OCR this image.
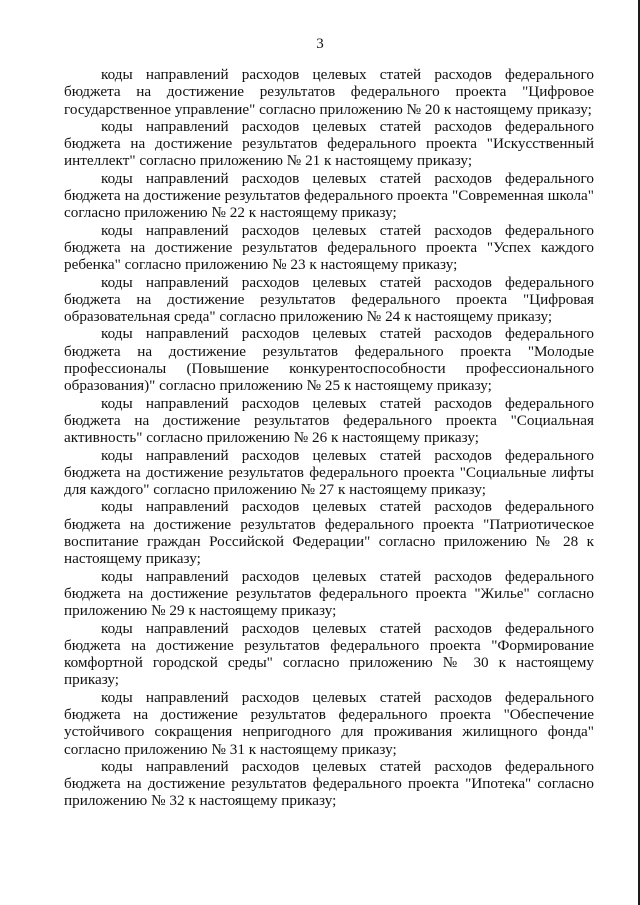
3

коды направлений расходов целевых статей расходов федерального бюджета на достижение результатов федерального проекта "Цифровое государственное управление" согласно приложению № 20 к настоящему приказу;

коды направлений расходов целевых статей расходов федерального бюджета на достижение результатов федерального проекта "Искусственный интеллект" согласно приложению № 21 к настоящему приказу;

коды направлений расходов целевых статей расходов федерального бюджета на достижение результатов федерального проекта "Современная школа" согласно приложению № 22 к настоящему приказу;

коды направлений расходов целевых статей расходов федерального бюджета на достижение результатов федерального проекта "Успех каждого ребенка" согласно приложению № 23 к настоящему приказу;

коды направлений расходов целевых статей расходов федерального бюджета на достижение результатов федерального проекта "Цифровая образовательная среда" согласно приложению № 24 к настоящему приказу;

коды направлений расходов целевых статей расходов федерального бюджета на достижение результатов федерального проекта "Молодые профессионалы (Повышение конкурентоспособности профессионального образования)" согласно приложению № 25 к настоящему приказу;

коды направлений расходов целевых статей расходов федерального бюджета на достижение результатов федерального проекта "Социальная активность" согласно приложению № 26 к настоящему приказу;

коды направлений расходов целевых статей расходов федерального бюджета на достижение результатов федерального проекта "Социальные лифты для каждого" согласно приложению № 27 к настоящему приказу;

коды направлений расходов целевых статей расходов федерального бюджета на достижение результатов федерального проекта "Патриотическое воспитание граждан Российской Федерации" согласно приложению № 28 к настоящему приказу;

коды направлений расходов целевых статей расходов федерального бюджета на достижение результатов федерального проекта "Жилье" согласно приложению № 29 к настоящему приказу;

коды направлений расходов целевых статей расходов федерального бюджета на достижение результатов федерального проекта "Формирование комфортной городской среды" согласно приложению № 30 к настоящему приказу;

коды направлений расходов целевых статей расходов федерального бюджета на достижение результатов федерального проекта "Обеспечение устойчивого сокращения непригодного для проживания жилищного фонда" согласно приложению № 31 к настоящему приказу;

коды направлений расходов целевых статей расходов федерального бюджета на достижение результатов федерального проекта "Ипотека" согласно приложению № 32 к настоящему приказу;
